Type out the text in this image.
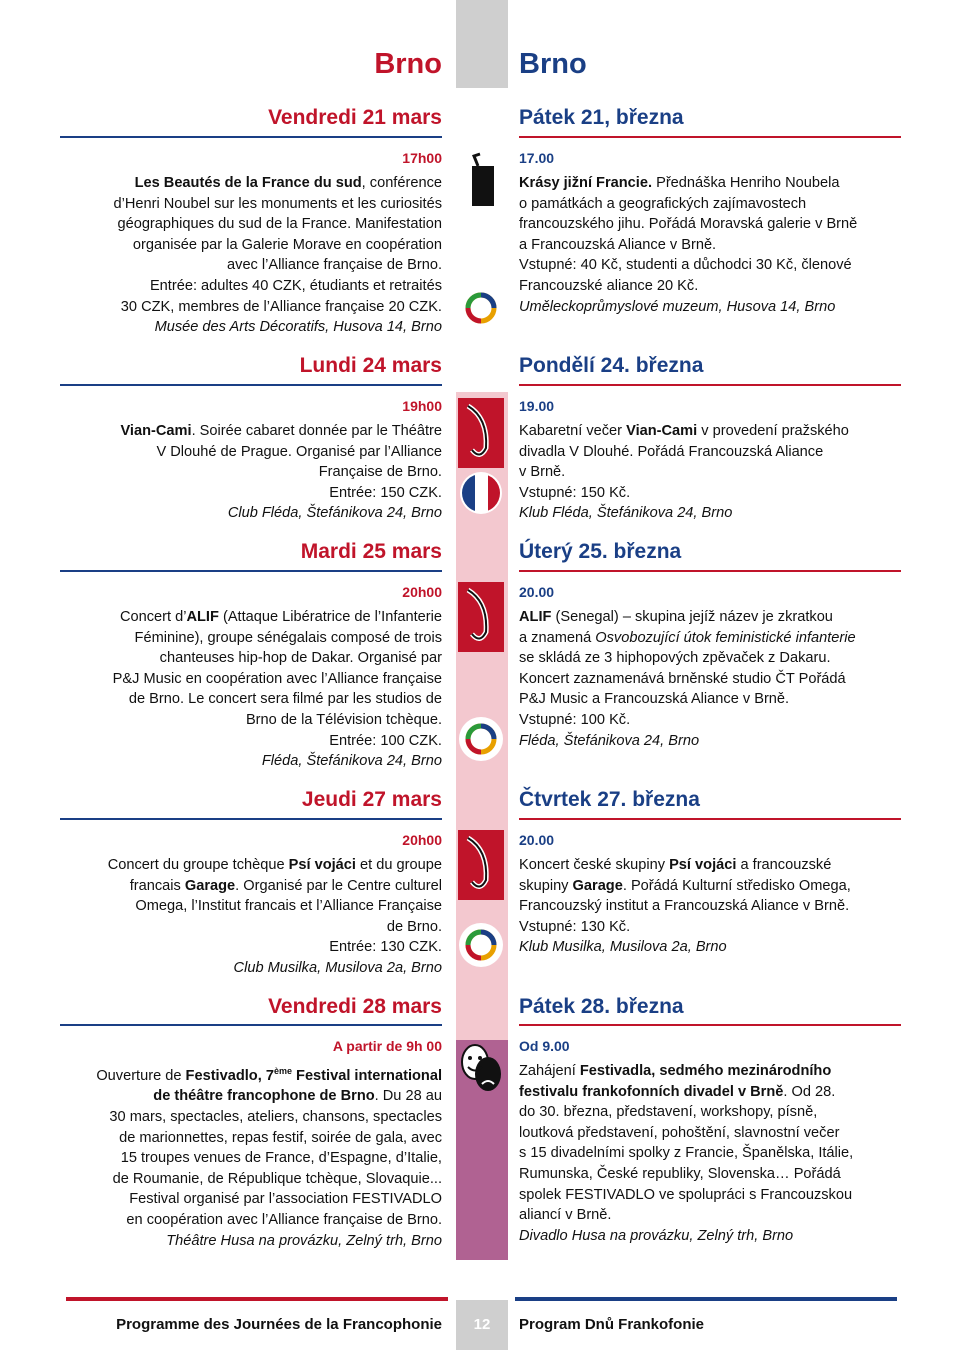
Brno	Brno
Vendredi 21 mars	Pátek 21, března
17h00	17.00

Les Beautés de la France du sud, conférence

d’Henri Noubel sur les monuments et les curiosités

géographiques du sud de la France. Manifestation

organisée par la Galerie Morave en coopération

avec l’Alliance française de Brno.

Entrée: adultes 40 CZK, étudiants et retraités

30 CZK, membres de l’Alliance française 20 CZK.

Musée des Arts Décoratifs, Husova 14, Brno

Krásy jižní Francie. Přednáška Henriho Noubela

o památkách a geografických zajímavostech

francouzského jihu. Pořádá Moravská galerie v Brně

a Francouzská Aliance v Brně.

Vstupné: 40 Kč, studenti a důchodci 30 Kč, členové

Francouzské aliance 20 Kč.

Uměleckoprůmyslové muzeum, Husova 14, Brno

Lundi 24 mars	Pondělí 24. března
19h00	19.00

Vian-Cami. Soirée cabaret donnée par le Théâtre

V Dlouhé de Prague. Organisé par l’Alliance

Française de Brno.

Entrée: 150 CZK.

Club Fléda, Štefánikova 24, Brno

Kabaretní večer Vian-Cami v provedení pražského

divadla V Dlouhé. Pořádá Francouzská Aliance

v Brně.

Vstupné: 150 Kč.

Klub Fléda, Štefánikova 24, Brno

Mardi 25 mars	Úterý 25. března
20h00	20.00

Concert d’ALIF (Attaque Libératrice de l’Infanterie

Féminine), groupe sénégalais composé de trois

chanteuses hip-hop de Dakar. Organisé par

P&J Music en coopération avec l’Alliance française

de Brno. Le concert sera filmé par les studios de

Brno de la Télévision tchèque.

Entrée: 100 CZK.

Fléda, Štefánikova 24, Brno

ALIF (Senegal) – skupina jejíž název je zkratkou

a znamená Osvobozující útok feministické infanterie

se skládá ze 3 hiphopových zpěvaček z Dakaru.

Koncert zaznamenává brněnské studio ČT Pořádá

P&J Music a Francouzská Aliance v Brně.

Vstupné: 100 Kč.

Fléda, Štefánikova 24, Brno

Jeudi 27 mars	Čtvrtek 27. března
20h00	20.00

Concert du groupe tchèque Psí vojáci et du groupe

francais Garage. Organisé par le Centre culturel

Omega, l’Institut francais et l’Alliance Française

de Brno.

Entrée: 130 CZK.

Club Musilka, Musilova 2a, Brno

Koncert české skupiny Psí vojáci a francouzské

skupiny Garage. Pořádá Kulturní středisko Omega,

Francouzský institut a Francouzská Aliance v Brně.

Vstupné: 130 Kč.

Klub Musilka, Musilova 2a, Brno

Vendredi 28 mars	Pátek 28. března
A partir de 9h 00	Od 9.00

Ouverture de Festivadlo, 7ème Festival international

de théâtre francophone de Brno. Du 28 au

30 mars, spectacles, ateliers, chansons, spectacles

de marionnettes, repas festif, soirée de gala, avec

15 troupes venues de France, d’Espagne, d’Italie,

de Roumanie, de République tchèque, Slovaquie...

Festival organisé par l’association FESTIVADLO

en coopération avec l’Alliance française de Brno.

Théâtre Husa na provázku, Zelný trh, Brno

Zahájení Festivadla, sedmého mezinárodního

festivalu frankofonních divadel v Brně. Od 28.

do 30. března, představení, workshopy, písně,

loutková představení, pohoštění, slavnostní večer

s 15 divadelními spolky z Francie, Španělska, Itálie,

Rumunska, České republiky, Slovenska… Pořádá

spolek FESTIVADLO ve spolupráci s Francouzskou

aliancí v Brně.

Divadlo Husa na provázku, Zelný trh, Brno

Programme des Journées de la Francophonie	12	Program Dnů Frankofonie
